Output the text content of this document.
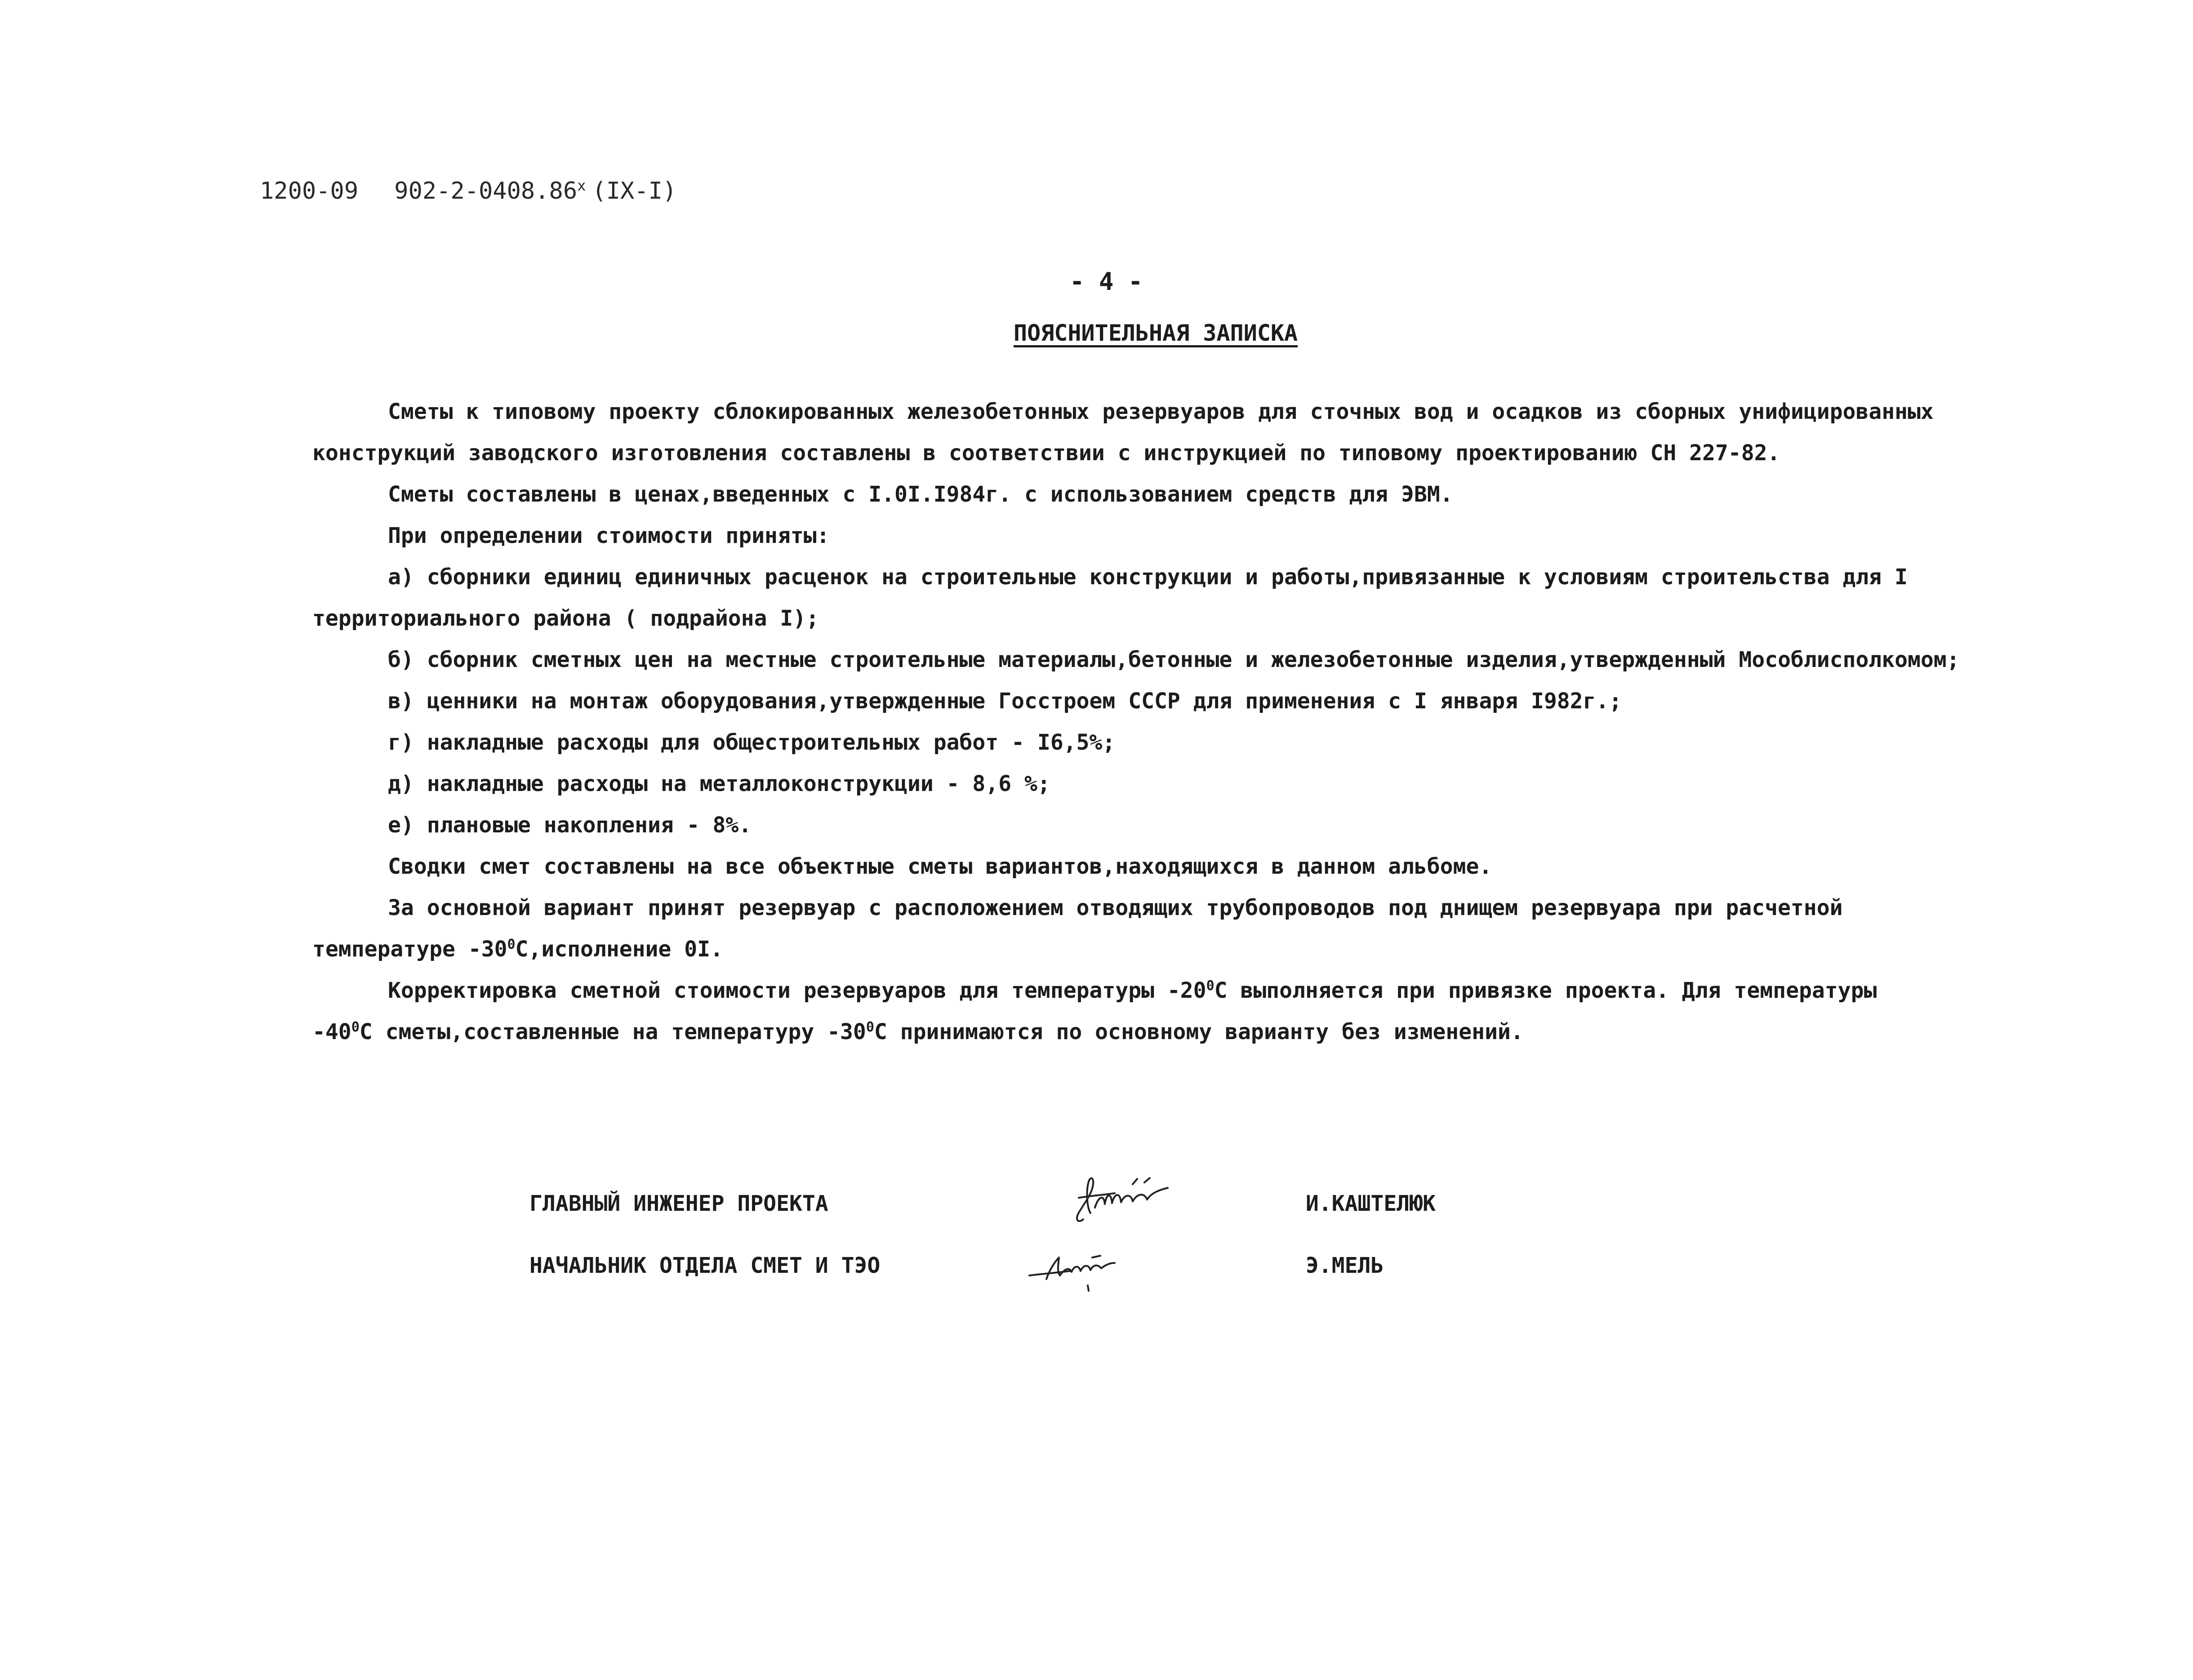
1200-09 902-2-0408.86$^x$ (IX-I)
- 4 -
ПОЯСНИТЕЛЬНАЯ ЗАПИСКА
Сметы к типовому проекту сблокированных железобетонных резервуаров для сточных вод и осадков из сборных унифицированных
конструкций заводского изготовления составлены в соответствии с инструкцией по типовому проектированию СН 227-82.
Сметы составлены в ценах,введенных с I.0I.I984г. с использованием средств для ЭВМ.
При определении стоимости приняты:
а) сборники единиц единичных расценок на строительные конструкции и работы,привязанные к условиям строительства для I
территориального района ( подрайона I);
б) сборник сметных цен на местные строительные материалы,бетонные и железобетонные изделия,утвержденный Мособлисполкомом;
в) ценники на монтаж оборудования,утвержденные Госстроем СССР для применения с I января I982г.;
г) накладные расходы для общестроительных работ - I6,5%;
д) накладные расходы на металлоконструкции - 8,6 %;
е) плановые накопления - 8%.
Сводки смет составлены на все объектные сметы вариантов,находящихся в данном альбоме.
За основной вариант принят резервуар с расположением отводящих трубопроводов под днищем резервуара при расчетной
температуре $-30^0С,исполнение$ 0I.
Корректировка сметной стоимости резервуаров для температуры $-20^0С$ выполняется при привязке проекта. Для температуры
$-40^0С$ сметы,составленные на температуру $-30^0С$ принимаются по основному варианту без изменений.
ГЛАВНЫЙ ИНЖЕНЕР ПРОЕКТА	И.КАШТЕЛЮК
НАЧАЛЬНИК ОТДЕЛА СМЕТ И ТЭО	Э.МЕЛЬ
